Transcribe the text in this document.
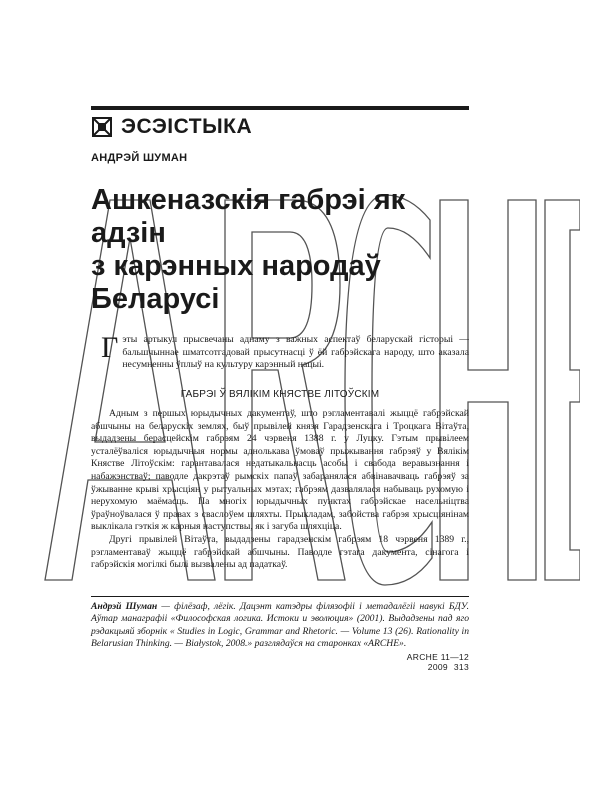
ЭСЭІСТЫКА
АНДРЭЙ ШУМАН
Ашкеназскія габрэі як адзін
з карэнных народаў
Беларусі
Г эты артыкул прысвечаны аднаму з важных аспектаў беларускай гісторыі — бальшчыннае шматсотгадовай прысутнасці ў ёй габрэйскага народу, што аказала несумненны ўплыў на культуру карэнный нацыі.
ГАБРЭІ Ў ВЯЛІКІМ КНЯСТВЕ ЛІТОЎСКІМ

Адным з першых юрыдычных дакументаў, што рэгламентавалі жыццё габрэйскай абшчыны на беларускіх землях, быў прывілей князя Гарадзенскага і Троцкага Вітаўта, выдадзены берасцейскім габрэям 24 чэрвеня 1388 г. у Луцку. Гэтым прывілеем усталёўваліся юрыдычныя нормы аднолькава ўмоваў прыжывання габрэяў у Вялікім Княстве Літоўскім: гарантавалася недатыкальнасць асобы і свабода веравызнання і набажэнстваў; паводле дакрэтаў рымскіх папаў забаранялася абвінавачваць габрэяў за ўжыванне крыві хрысціян у рытуальных мэтах; габрэям дазвалялася набываць рухомую і нерухомую маёмасць. Па многіх юрыдычных пунктах габрэйскае насельніцтва ўраўноўвалася ў правах з сваслоўем шляхты. Прыкладам, забойства габрэя хрысціянінам выклікала гэткія ж карныя наступствы, як і загуба шляхціца.

Другі прывілей Вітаўта, выдадзены гарадзенскім габрэям 18 чэрвеня 1389 г., рэгламентаваў жыццё габрэйскай абшчыны. Паводле гэтага дакумента, сінагога і габрэйскія могілкі былі вызвалены ад падаткаў.

Андрэй Шуман — філёзаф, лёгік. Дацэнт катэдры філязофіі і метадалёгіі навукі БДУ. Аўтар манаграфіі «Философская логика. Истоки и эволюция» (2001). Выдадзены пад яго рэдакцыяй зборнік « Studies in Logic, Grammar and Rhetoric. — Volume 13 (26). Rationality in Belarusian Thinking. — Białystok, 2008.» разглядаўся на старонках «ARCHE».
ARCHE 11—12 2009 313
